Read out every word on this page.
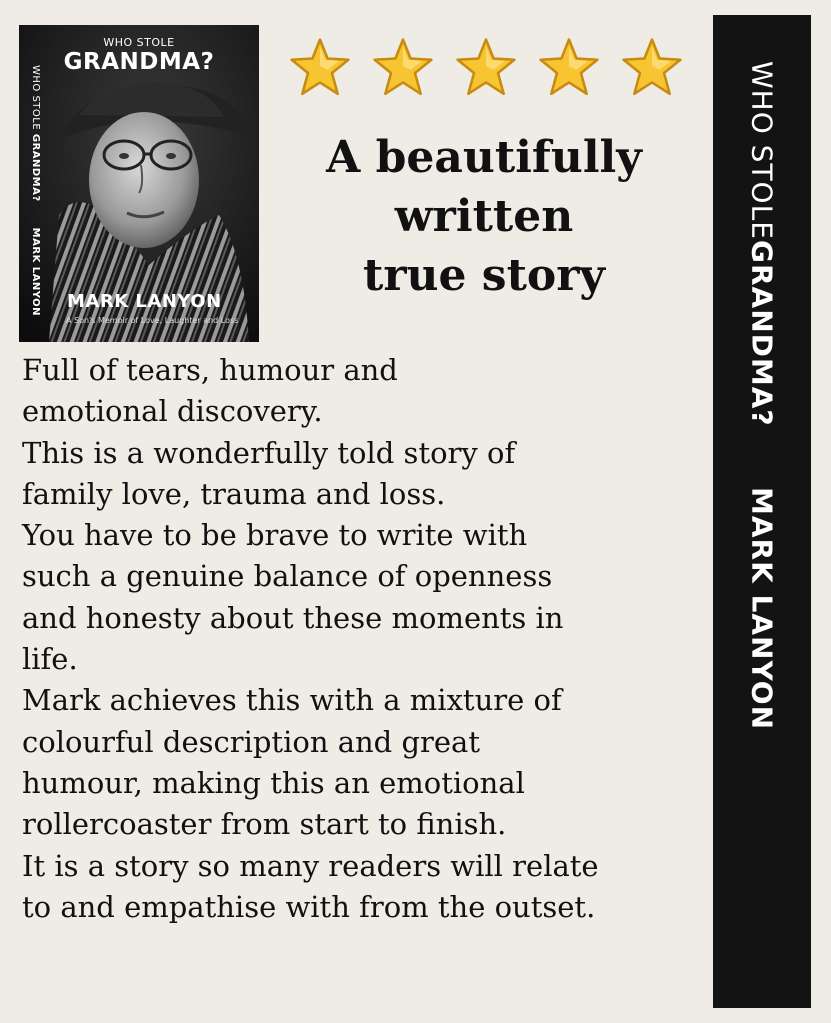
WHO STOLE
GRANDMA?
WHO STOLE GRANDMA?MARK LANYON MARK LANYON
A Son's Memoir of Love, Laughter and Loss
A beautifully
written
true story

Full of tears, humour and
emotional discovery.
This is a wonderfully told story of
family love, trauma and loss.
You have to be brave to write with
such a genuine balance of openness
and honesty about these moments in
life.
Mark achieves this with a mixture of
colourful description and great
humour, making this an emotional
rollercoaster from start to finish.
It is a story so many readers will relate
to and empathise with from the outset.

WHO STOLE
GRANDMA?
MARK LANYON
